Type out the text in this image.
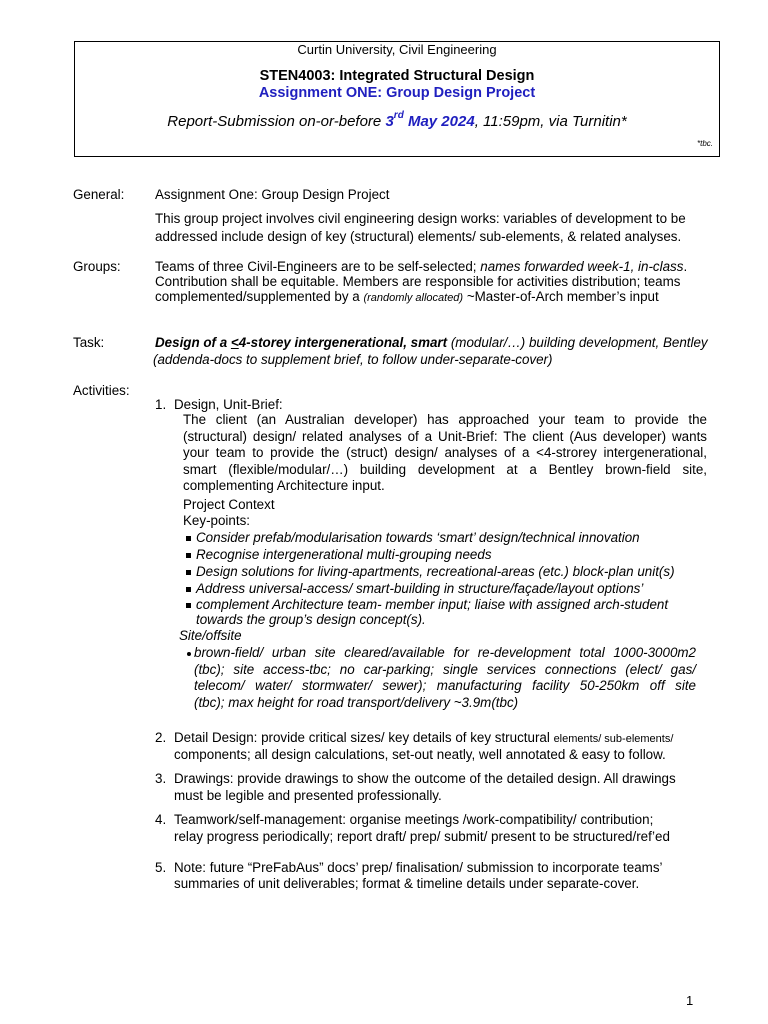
Curtin University, Civil Engineering
STEN4003: Integrated Structural Design
Assignment ONE: Group Design Project
Report-Submission on-or-before 3rd May 2024, 11:59pm, via Turnitin*
*tbc.
General: Assignment One: Group Design Project
This group project involves civil engineering design works: variables of development to be
addressed include design of key (structural) elements/ sub-elements, & related analyses.
Groups:	Teams of three Civil-Engineers are to be self-selected; names forwarded week-1, in-class.
Contribution shall be equitable. Members are responsible for activities distribution; teams
complemented/supplemented by a (randomly allocated) ~Master-of-Arch member’s input
Task:	Design of a <4-storey intergenerational, smart (modular/…) building development, Bentley
(addenda-docs to supplement brief, to follow under-separate-cover)
Activities:
1. Design, Unit-Brief:
The client (an Australian developer) has approached your team to provide the
(structural) design/ related analyses of a Unit-Brief: The client (Aus developer) wants
your team to provide the (struct) design/ analyses of a <4-strorey intergenerational,
smart (flexible/modular/…) building development at a Bentley brown-field site,
complementing Architecture input.
Project Context
Key-points:
Consider prefab/modularisation towards ‘smart’ design/technical innovation
Recognise intergenerational multi-grouping needs
Design solutions for living-apartments, recreational-areas (etc.) block-plan unit(s)
Address universal-access/ smart-building in structure/façade/layout options’
complement Architecture team- member input; liaise with assigned arch-student
towards the group’s design concept(s).
Site/offsite
brown-field/ urban site cleared/available for re-development total 1000-3000m2
(tbc); site access-tbc; no car-parking; single services connections (elect/ gas/
telecom/ water/ stormwater/ sewer); manufacturing facility 50-250km off site
(tbc); max height for road transport/delivery ~3.9m(tbc)
2. Detail Design: provide critical sizes/ key details of key structural elements/ sub-elements/
components; all design calculations, set-out neatly, well annotated & easy to follow.
3. Drawings: provide drawings to show the outcome of the detailed design. All drawings
must be legible and presented professionally.
4. Teamwork/self-management: organise meetings /work-compatibility/ contribution;
relay progress periodically; report draft/ prep/ submit/ present to be structured/ref’ed
5. Note: future “PreFabAus” docs’ prep/ finalisation/ submission to incorporate teams’
summaries of unit deliverables; format & timeline details under separate-cover.
1
